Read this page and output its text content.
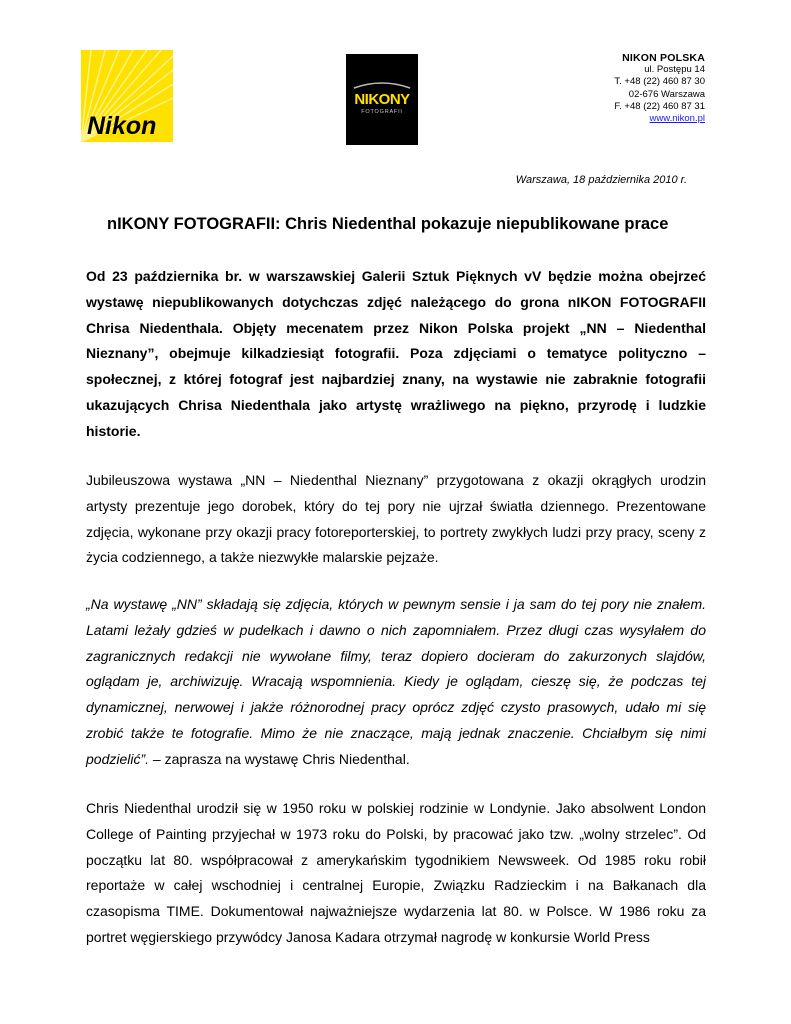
Nikon
NIKONY
FOTOGRAFII
NIKON POLSKA
ul. Postępu 14
T. +48 (22) 460 87 30
02-676 Warszawa
F. +48 (22) 460 87 31
www.nikon.pl
Warszawa, 18 października 2010 r.
nIKONY FOTOGRAFII: Chris Niedenthal pokazuje niepublikowane prace

Od 23 października br. w warszawskiej Galerii Sztuk Pięknych vV będzie można obejrzeć wystawę niepublikowanych dotychczas zdjęć należącego do grona nIKON FOTOGRAFII Chrisa Niedenthala. Objęty mecenatem przez Nikon Polska projekt „NN – Niedenthal Nieznany”, obejmuje kilkadziesiąt fotografii. Poza zdjęciami o tematyce polityczno – społecznej, z której fotograf jest najbardziej znany, na wystawie nie zabraknie fotografii ukazujących Chrisa Niedenthala jako artystę wrażliwego na piękno, przyrodę i ludzkie historie.

Jubileuszowa wystawa „NN – Niedenthal Nieznany” przygotowana z okazji okrągłych urodzin artysty prezentuje jego dorobek, który do tej pory nie ujrzał światła dziennego. Prezentowane zdjęcia, wykonane przy okazji pracy fotoreporterskiej, to portrety zwykłych ludzi przy pracy, sceny z życia codziennego, a także niezwykłe malarskie pejzaże.

„Na wystawę „NN” składają się zdjęcia, których w pewnym sensie i ja sam do tej pory nie znałem. Latami leżały gdzieś w pudełkach i dawno o nich zapomniałem. Przez długi czas wysyłałem do zagranicznych redakcji nie wywołane filmy, teraz dopiero docieram do zakurzonych slajdów, oglądam je, archiwizuję. Wracają wspomnienia. Kiedy je oglądam, cieszę się, że podczas tej dynamicznej, nerwowej i jakże różnorodnej pracy oprócz zdjęć czysto prasowych, udało mi się zrobić także te fotografie. Mimo że nie znaczące, mają jednak znaczenie. Chciałbym się nimi podzielić”. – zaprasza na wystawę Chris Niedenthal.

Chris Niedenthal urodził się w 1950 roku w polskiej rodzinie w Londynie. Jako absolwent London College of Painting przyjechał w 1973 roku do Polski, by pracować jako tzw. „wolny strzelec”. Od początku lat 80. współpracował z amerykańskim tygodnikiem Newsweek. Od 1985 roku robił reportaże w całej wschodniej i centralnej Europie, Związku Radzieckim i na Bałkanach dla czasopisma TIME. Dokumentował najważniejsze wydarzenia lat 80. w Polsce. W 1986 roku za portret węgierskiego przywódcy Janosa Kadara otrzymał nagrodę w konkursie World Press
